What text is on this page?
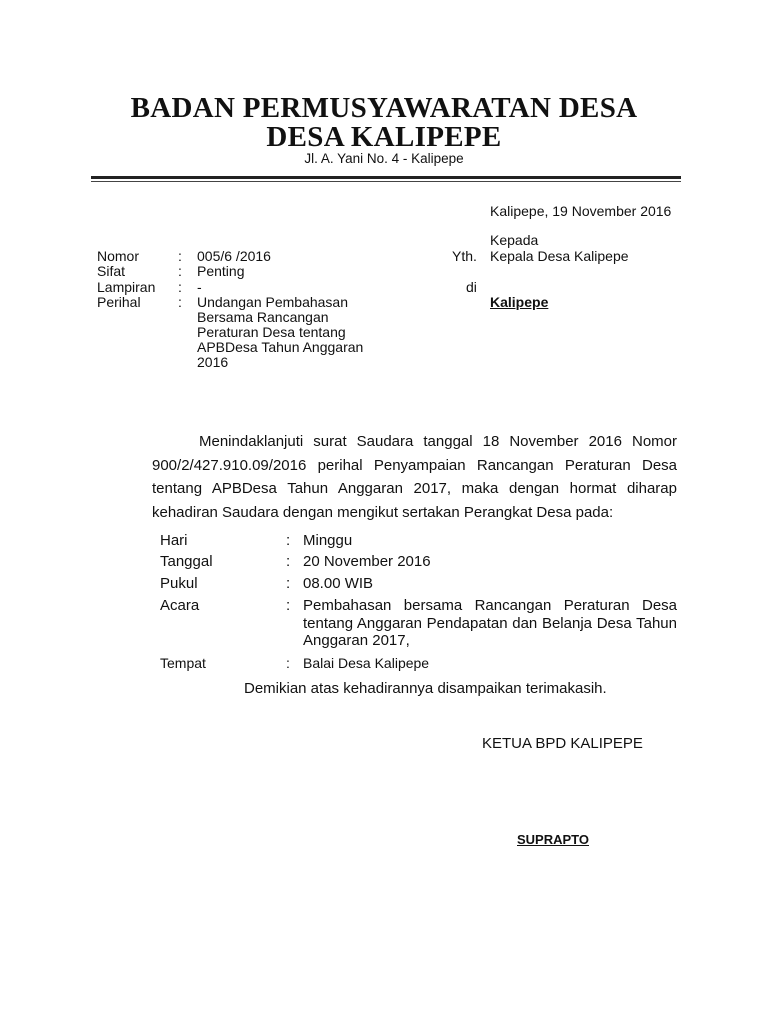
BADAN PERMUSYAWARATAN DESA
DESA KALIPEPE
Jl. A. Yani No. 4 - Kalipepe
Kalipepe, 19 November 2016
Kepada
Yth. Kepala Desa Kalipepe
di
Kalipepe
Nomor	: 005/6 /2016
Sifat	: Penting
Lampiran : -
Perihal	: Undangan Pembahasan
Bersama Rancangan
Peraturan Desa tentang
APBDesa Tahun Anggaran
2016

Menindaklanjuti surat Saudara tanggal 18 November 2016 Nomor 900/2/427.910.09/2016 perihal Penyampaian Rancangan Peraturan Desa tentang APBDesa Tahun Anggaran 2017, maka dengan hormat diharap kehadiran Saudara dengan mengikut sertakan Perangkat Desa pada:

Hari	: Minggu
Tanggal	: 20 November 2016
Pukul	: 08.00 WIB
Acara	: Pembahasan bersama Rancangan Peraturan Desa tentang Anggaran Pendapatan dan Belanja Desa Tahun Anggaran 2017,
Tempat	: Balai Desa Kalipepe
Demikian atas kehadirannya disampaikan terimakasih.
KETUA BPD KALIPEPE
SUPRAPTO
